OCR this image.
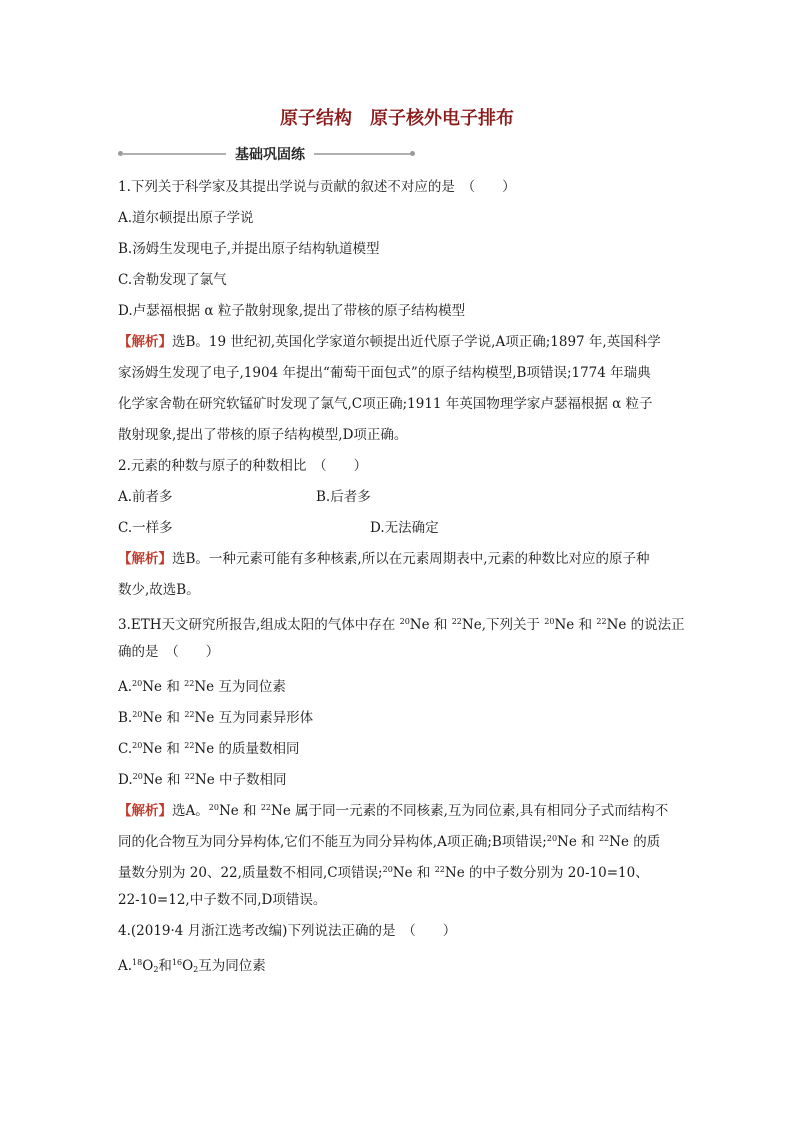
原子结构　原子核外电子排布
基础巩固练
1.下列关于科学家及其提出学说与贡献的叙述不对应的是　（　　）
A.道尔顿提出原子学说
B.汤姆生发现电子,并提出原子结构轨道模型
C.舍勒发现了氯气
D.卢瑟福根据 α 粒子散射现象,提出了带核的原子结构模型
【解析】选B。19 世纪初,英国化学家道尔顿提出近代原子学说,A项正确;1897 年,英国科学
家汤姆生发现了电子,1904 年提出“葡萄干面包式”的原子结构模型,B项错误;1774 年瑞典
化学家舍勒在研究软锰矿时发现了氯气,C项正确;1911 年英国物理学家卢瑟福根据 α 粒子
散射现象,提出了带核的原子结构模型,D项正确。
2.元素的种数与原子的种数相比　（　　）
A.前者多	B.后者多
C.一样多	D.无法确定
【解析】选B。一种元素可能有多种核素,所以在元素周期表中,元素的种数比对应的原子种
数少,故选B。
3.ETH天文研究所报告,组成太阳的气体中存在 $^{20}$Ne 和 $^{22}$Ne,下列关于 $^{20}$Ne 和 $^{22}$Ne 的说法正
确的是　（　　）
A.$^{20}$Ne 和 $^{22}$Ne 互为同位素
B.$^{20}$Ne 和 $^{22}$Ne 互为同素异形体
C.$^{20}$Ne 和 $^{22}$Ne 的质量数相同
D.$^{20}$Ne 和 $^{22}$Ne 中子数相同
【解析】选A。$^{20}$Ne 和 $^{22}$Ne 属于同一元素的不同核素,互为同位素,具有相同分子式而结构不
同的化合物互为同分异构体,它们不能互为同分异构体,A项正确;B项错误;$^{20}$Ne 和 $^{22}$Ne 的质
量数分别为 20、22,质量数不相同,C项错误;$^{20}$Ne 和 $^{22}$Ne 的中子数分别为 20-10=10、
22-10=12,中子数不同,D项错误。
4.(2019·4 月浙江选考改编)下列说法正确的是　（　　）
$A.^{18}O_2$和$^{16}O_2$互为同位素
